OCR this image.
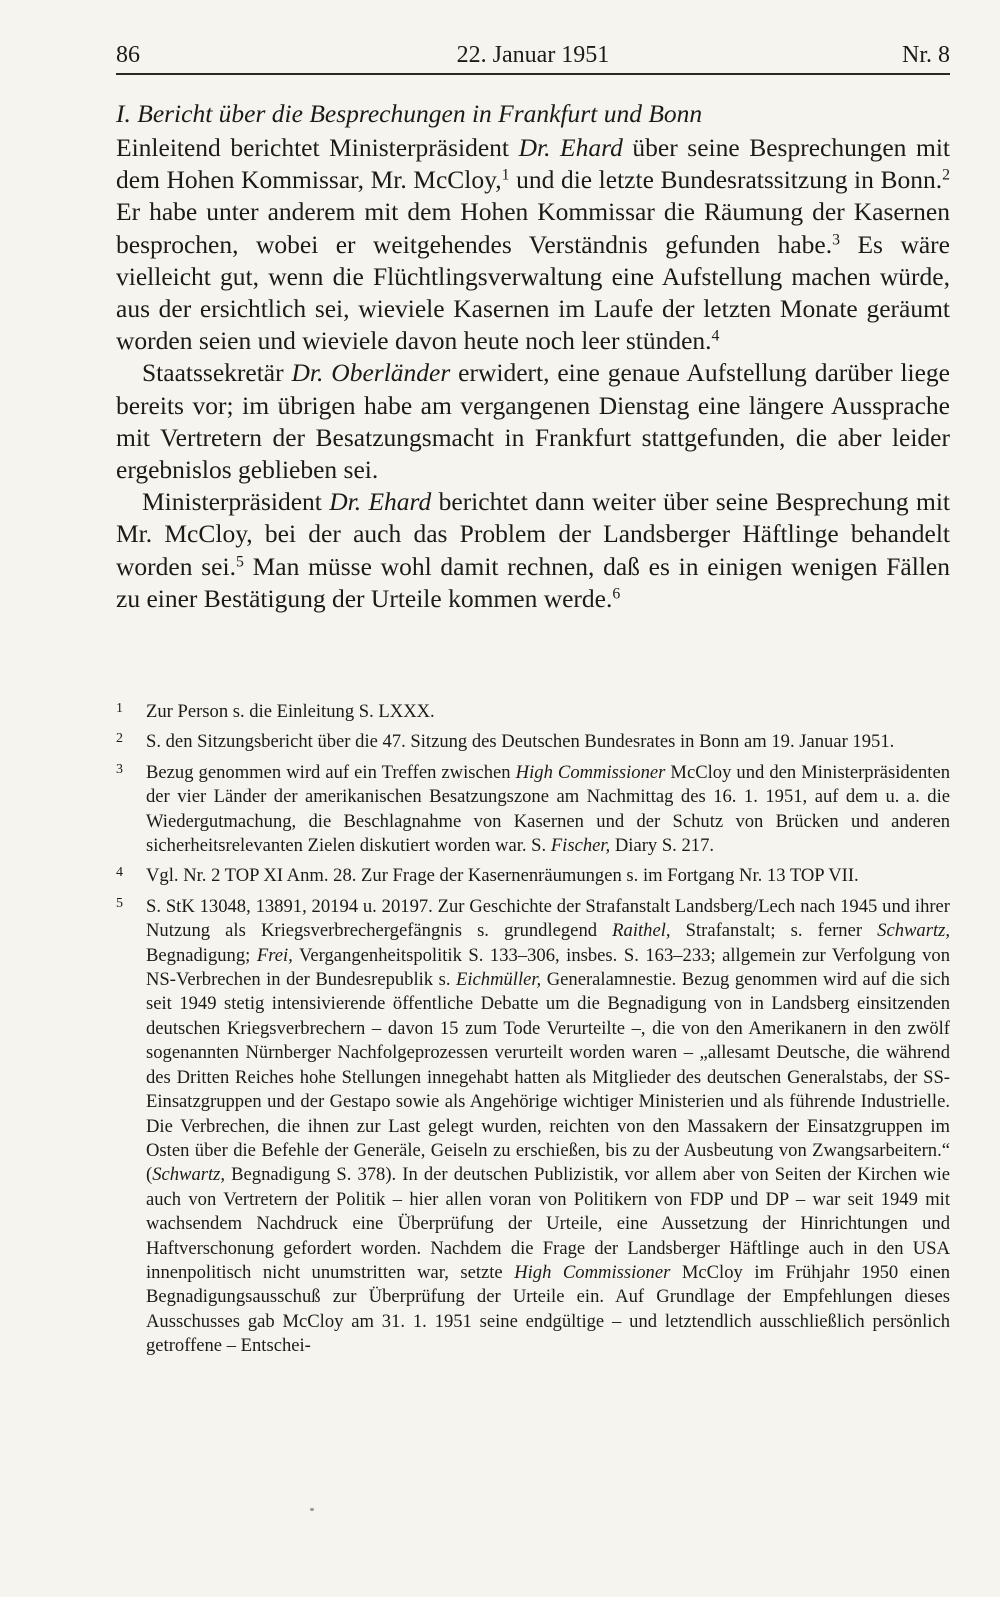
86	22. Januar 1951	Nr. 8
I. Bericht über die Besprechungen in Frankfurt und Bonn

Einleitend berichtet Ministerpräsident Dr. Ehard über seine Besprechungen mit dem Hohen Kommissar, Mr. McCloy,$^1$ und die letzte Bundesratssitzung in Bonn.$^2$ Er habe unter anderem mit dem Hohen Kommissar die Räumung der Kasernen besprochen, wobei er weitgehendes Verständnis gefunden habe.$^3$ Es wäre vielleicht gut, wenn die Flüchtlingsverwaltung eine Aufstellung machen würde, aus der ersichtlich sei, wieviele Kasernen im Laufe der letzten Monate geräumt worden seien und wieviele davon heute noch leer stünden.$^4$

Staatssekretär Dr. Oberländer erwidert, eine genaue Aufstellung darüber liege bereits vor; im übrigen habe am vergangenen Dienstag eine längere Aussprache mit Vertretern der Besatzungsmacht in Frankfurt stattgefunden, die aber leider ergebnislos geblieben sei.

Ministerpräsident Dr. Ehard berichtet dann weiter über seine Besprechung mit Mr. McCloy, bei der auch das Problem der Landsberger Häftlinge behandelt worden sei.$^5$ Man müsse wohl damit rechnen, daß es in einigen wenigen Fällen zu einer Bestätigung der Urteile kommen werde.$^6$

1 Zur Person s. die Einleitung S. LXXX.
2 S. den Sitzungsbericht über die 47. Sitzung des Deutschen Bundesrates in Bonn am 19. Januar 1951.
3 Bezug genommen wird auf ein Treffen zwischen High Commissioner McCloy und den Ministerpräsidenten der vier Länder der amerikanischen Besatzungszone am Nachmittag des 16. 1. 1951, auf dem u. a. die Wiedergutmachung, die Beschlagnahme von Kasernen und der Schutz von Brücken und anderen sicherheitsrelevanten Zielen diskutiert worden war. S. Fischer, Diary S. 217.
4 Vgl. Nr. 2 TOP XI Anm. 28. Zur Frage der Kasernenräumungen s. im Fortgang Nr. 13 TOP VII.
5 S. StK 13048, 13891, 20194 u. 20197. Zur Geschichte der Strafanstalt Landsberg/Lech nach 1945 und ihrer Nutzung als Kriegsverbrechergefängnis s. grundlegend Raithel, Strafanstalt; s. ferner Schwartz, Begnadigung; Frei, Vergangenheitspolitik S. 133–306, insbes. S. 163–233; allgemein zur Verfolgung von NS-Verbrechen in der Bundesrepublik s. Eichmüller, Generalamnestie. Bezug genommen wird auf die sich seit 1949 stetig intensivierende öffentliche Debatte um die Begnadigung von in Landsberg einsitzenden deutschen Kriegsverbrechern – davon 15 zum Tode Verurteilte –, die von den Amerikanern in den zwölf sogenannten Nürnberger Nachfolgeprozessen verurteilt worden waren – „allesamt Deutsche, die während des Dritten Reiches hohe Stellungen innegehabt hatten als Mitglieder des deutschen Generalstabs, der SS-Einsatzgruppen und der Gestapo sowie als Angehörige wichtiger Ministerien und als führende Industrielle. Die Verbrechen, die ihnen zur Last gelegt wurden, reichten von den Massakern der Einsatzgruppen im Osten über die Befehle der Generäle, Geiseln zu erschießen, bis zu der Ausbeutung von Zwangsarbeitern.“ (Schwartz, Begnadigung S. 378). In der deutschen Publizistik, vor allem aber von Seiten der Kirchen wie auch von Vertretern der Politik – hier allen voran von Politikern von FDP und DP – war seit 1949 mit wachsendem Nachdruck eine Überprüfung der Urteile, eine Aussetzung der Hinrichtungen und Haftverschonung gefordert worden. Nachdem die Frage der Landsberger Häftlinge auch in den USA innenpolitisch nicht unumstritten war, setzte High Commissioner McCloy im Frühjahr 1950 einen Begnadigungsausschuß zur Überprüfung der Urteile ein. Auf Grundlage der Empfehlungen dieses Ausschusses gab McCloy am 31. 1. 1951 seine endgültige – und letztendlich ausschließlich persönlich getroffene – Entschei-
